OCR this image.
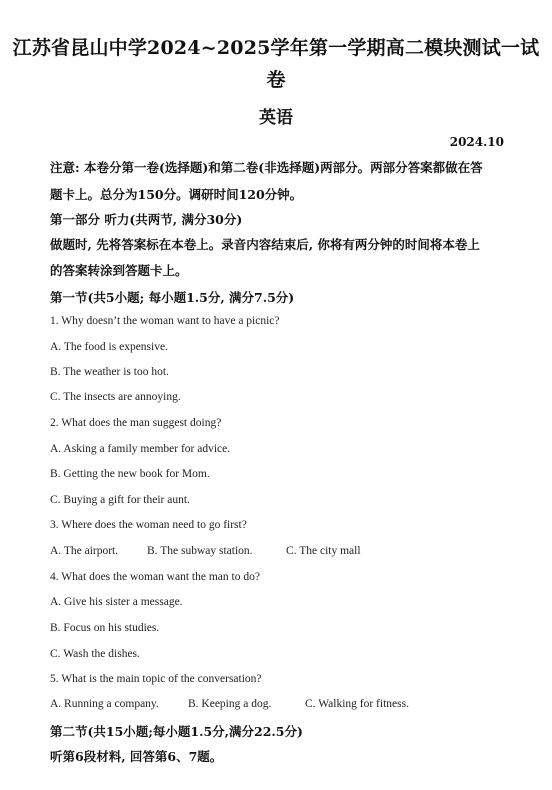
江苏省昆山中学2024~2025学年第一学期高二模块测试一试
卷
英语
2024.10
注意: 本卷分第一卷(选择题)和第二卷(非选择题)两部分。两部分答案都做在答
题卡上。总分为150分。调研时间120分钟。
第一部分 听力(共两节, 满分30分)
做题时, 先将答案标在本卷上。录音内容结束后, 你将有两分钟的时间将本卷上
的答案转涂到答题卡上。
第一节(共5小题; 每小题1.5分, 满分7.5分)
1. Why doesn’t the woman want to have a picnic?
A. The food is expensive.
B. The weather is too hot.
C. The insects are annoying.
2. What does the man suggest doing?
A. Asking a family member for advice.
B. Getting the new book for Mom.
C. Buying a gift for their aunt.
3. Where does the woman need to go first?
A. The airport.	B. The subway station.	C. The city mall
4. What does the woman want the man to do?
A. Give his sister a message.
B. Focus on his studies.
C. Wash the dishes.
5. What is the main topic of the conversation?
A. Running a company.	B. Keeping a dog.	C. Walking for fitness.
第二节(共15小题;每小题1.5分,满分22.5分)
听第6段材料, 回答第6、7题。
